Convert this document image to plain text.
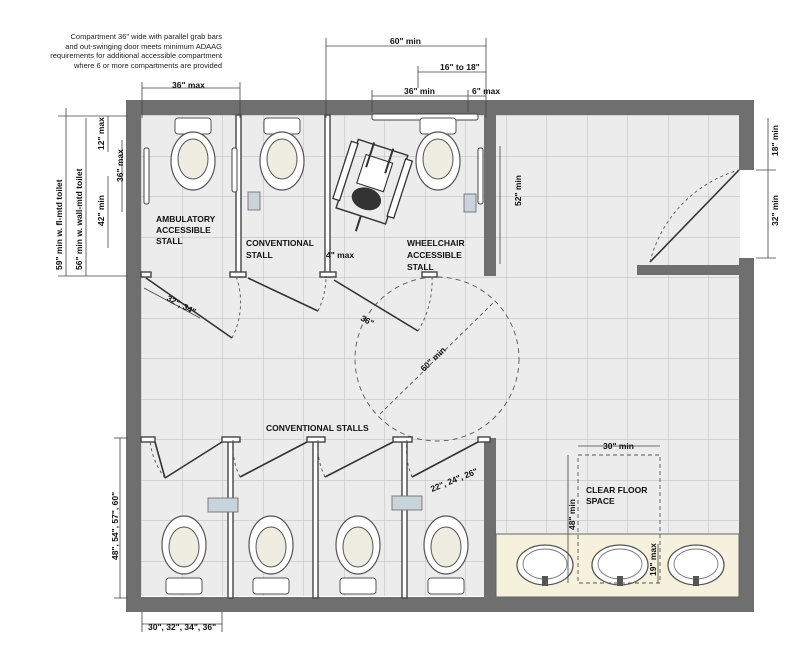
Compartment 36" wide with parallel grab bars
and out-swinging door meets minimum ADAAG
requirements for additional accessible compartment
where 6 or more compartments are provided
AMBULATORY ACCESSIBLE STALL	CONVENTIONAL STALL
WHEELCHAIR ACCESSIBLE STALL
CONVENTIONAL STALLS
CLEAR FLOOR SPACE
36" max
60" min
16" to 18"
36" min	6" max
4" max
36"
32", 34"
60" min
22", 24", 26"
30", 32", 34", 36"
30" min
59" min w. fl-mtd toilet 56" min w. wall-mtd toilet
12" max
36" max
42" min
48", 54", 57", 60"
18" min
32" min
52" min
48" min
19" max
